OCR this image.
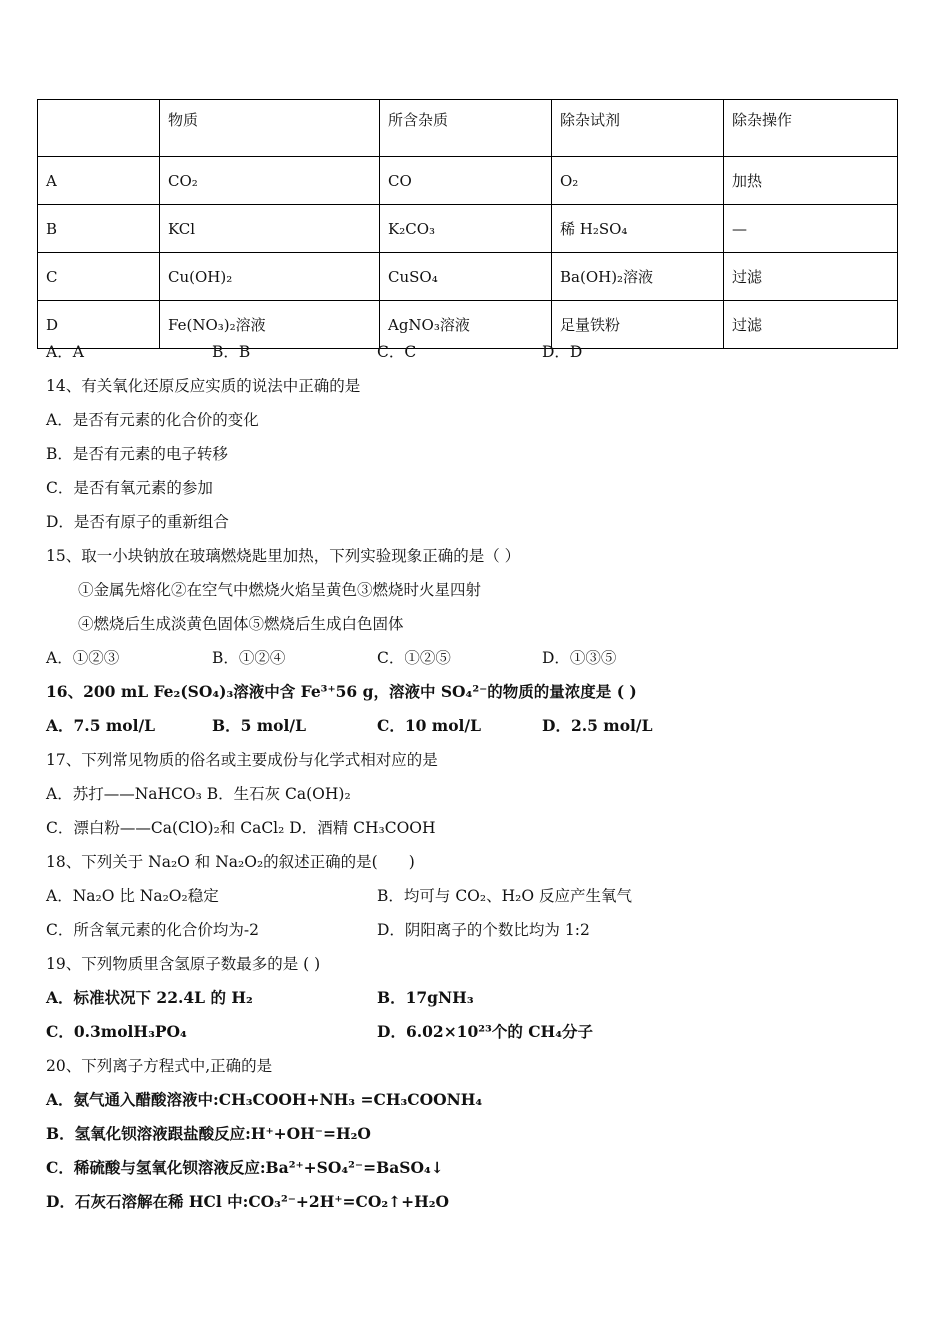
	物质	所含杂质	除杂试剂	除杂操作
A	CO₂	CO	O₂	加热
B	KCl	K₂CO₃	稀 H₂SO₄	—
C	Cu(OH)₂	CuSO₄	Ba(OH)₂溶液	过滤
D	Fe(NO₃)₂溶液	AgNO₃溶液	足量铁粉	过滤
A．A	B．B	C．C	D．D
14、有关氧化还原反应实质的说法中正确的是
A．是否有元素的化合价的变化
B．是否有元素的电子转移
C．是否有氧元素的参加
D．是否有原子的重新组合
15、取一小块钠放在玻璃燃烧匙里加热，下列实验现象正确的是（ ）
①金属先熔化②在空气中燃烧火焰呈黄色③燃烧时火星四射
④燃烧后生成淡黄色固体⑤燃烧后生成白色固体
A．①②③	B．①②④	C．①②⑤	D．①③⑤
16、200 mL Fe₂(SO₄)₃溶液中含 Fe³⁺56 g，溶液中 SO₄²⁻的物质的量浓度是 ( )
A．7.5 mol/L	B．5 mol/L	C．10 mol/L	D．2.5 mol/L
17、下列常见物质的俗名或主要成份与化学式相对应的是
A．苏打——NaHCO₃ B．生石灰 Ca(OH)₂
C．漂白粉——Ca(ClO)₂和 CaCl₂ D．酒精 CH₃COOH
18、下列关于 Na₂O 和 Na₂O₂的叙述正确的是(　　)
A．Na₂O 比 Na₂O₂稳定	B．均可与 CO₂、H₂O 反应产生氧气
C．所含氧元素的化合价均为-2	D．阴阳离子的个数比均为 1:2
19、下列物质里含氢原子数最多的是 ( )
A．标准状况下 22.4L 的 H₂	B．17gNH₃
C．0.3molH₃PO₄	D．6.02×10²³个的 CH₄分子
20、下列离子方程式中,正确的是
A．氨气通入醋酸溶液中:CH₃COOH+NH₃ =CH₃COONH₄
B．氢氧化钡溶液跟盐酸反应:H⁺+OH⁻=H₂O
C．稀硫酸与氢氧化钡溶液反应:Ba²⁺+SO₄²⁻=BaSO₄↓
D．石灰石溶解在稀 HCl 中:CO₃²⁻+2H⁺=CO₂↑+H₂O
